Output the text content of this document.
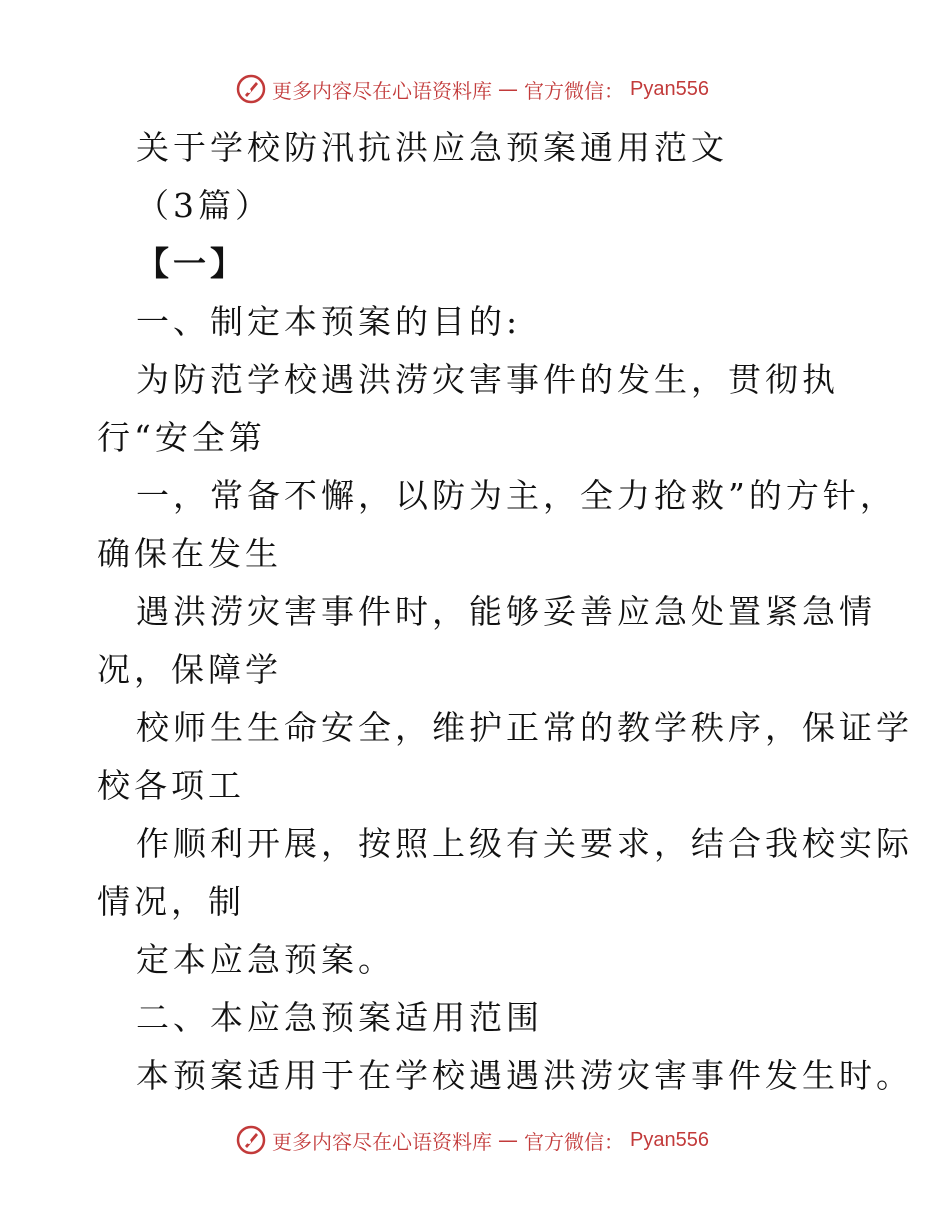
更多内容尽在心语资料库 — 官方微信： Pyan556
关于学校防汛抗洪应急预案通用范文
（3篇）
【一】
一、制定本预案的目的:
为防范学校遇洪涝灾害事件的发生，贯彻执
行“安全第
一，常备不懈，以防为主，全力抢救”的方针，
确保在发生
遇洪涝灾害事件时，能够妥善应急处置紧急情
况，保障学
校师生生命安全，维护正常的教学秩序，保证学
校各项工
作顺利开展，按照上级有关要求，结合我校实际
情况，制
定本应急预案。
二、本应急预案适用范围
本预案适用于在学校遇遇洪涝灾害事件发生时。
更多内容尽在心语资料库 — 官方微信： Pyan556
